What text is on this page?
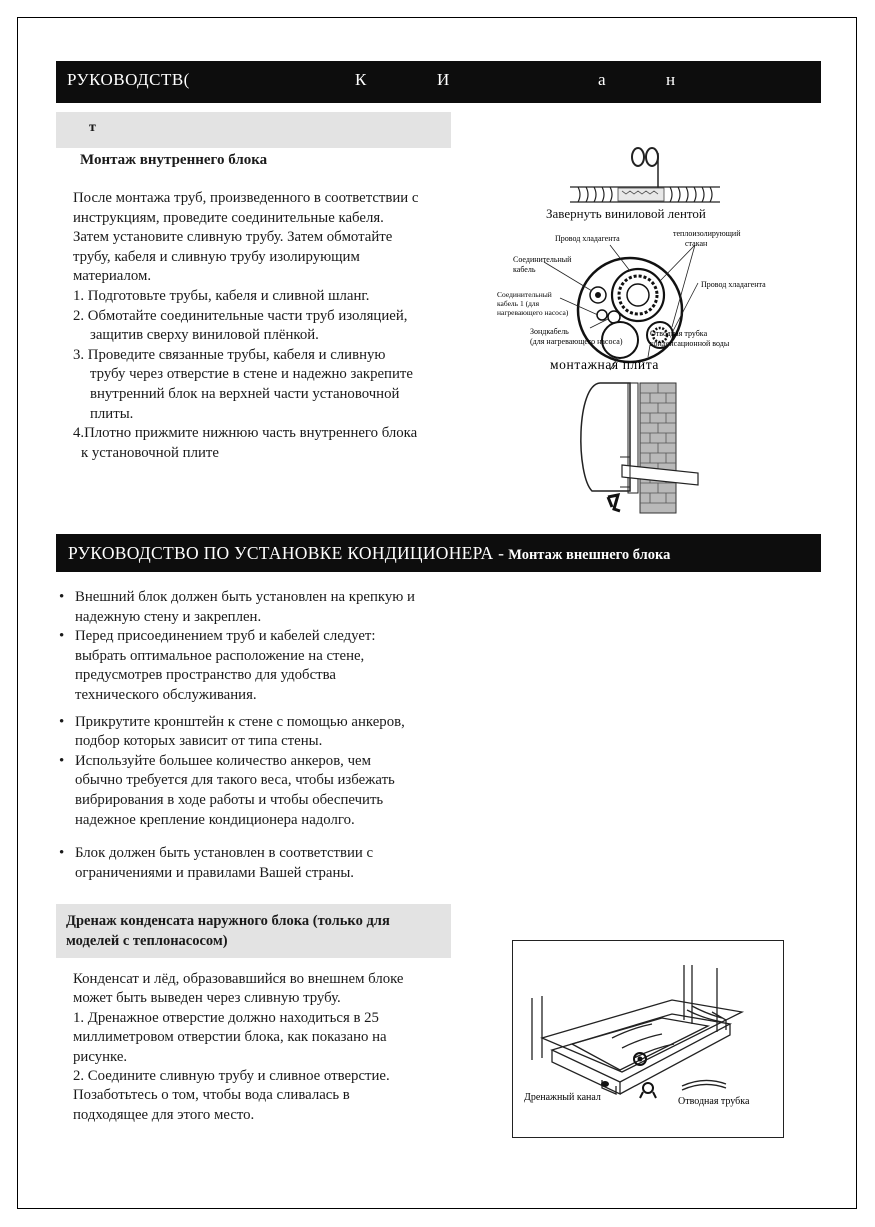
РУКОВОДСТВ(	К	И	а	н
т
Монтаж внутреннего блока
После монтажа труб, произведенного в соответствии с
инструкциям, проведите соединительные кабеля.
Затем установите сливную трубу. Затем обмотайте
трубу, кабеля и сливную трубу изолирующим
материалом.
1. Подготовьте трубы, кабеля и сливной шланг.
2. Обмотайте соединительные части труб изоляцией,
защитив сверху виниловой плёнкой.
3. Проведите связанные трубы, кабеля и сливную
трубу через отверстие в стене и надежно закрепите
внутренний блок на верхней части установочной
плиты.
4.Плотно прижмите нижнюю часть внутреннего блока
к установочной плите
Завернуть виниловой лентой
Провод хладагента
теплоизолирующий
стакан
Соединительный
кабель
Соединительный
кабель 1 (для
нагревающего насоса)
Провод хладагента
Зондкабель
(для нагревающего насоса)
Отводная трубка
конденсационной воды
монтажная плита
РУКОВОДСТВО ПО УСТАНОВКЕ КОНДИЦИОНЕРА - Монтаж внешнего блока
• Внешний блок должен быть установлен на крепкую и
надежную стену и закреплен.
• Перед присоединением труб и кабелей следует:
выбрать оптимальное расположение на стене,
предусмотрев пространство для удобства
технического обслуживания.
• Прикрутите кронштейн к стене с помощью анкеров,
подбор которых зависит от типа стены.
• Используйте большее количество анкеров, чем
обычно требуется для такого веса, чтобы избежать
вибрирования в ходе работы и чтобы обеспечить
надежное крепление кондиционера надолго.
• Блок должен быть установлен в соответствии с
ограничениями и правилами Вашей страны.
Дренаж конденсата наружного блока (только для
моделей с теплонасосом)
Конденсат и лёд, образовавшийся во внешнем блоке
может быть выведен через сливную трубу.
1. Дренажное отверстие должно находиться в 25
миллиметровом отверстии блока, как показано на
рисунке.
2. Соедините сливную трубу и сливное отверстие.
Позаботьтесь о том, чтобы вода сливалась в
подходящее для этого место.
Дренажный канал	Отводная трубка
